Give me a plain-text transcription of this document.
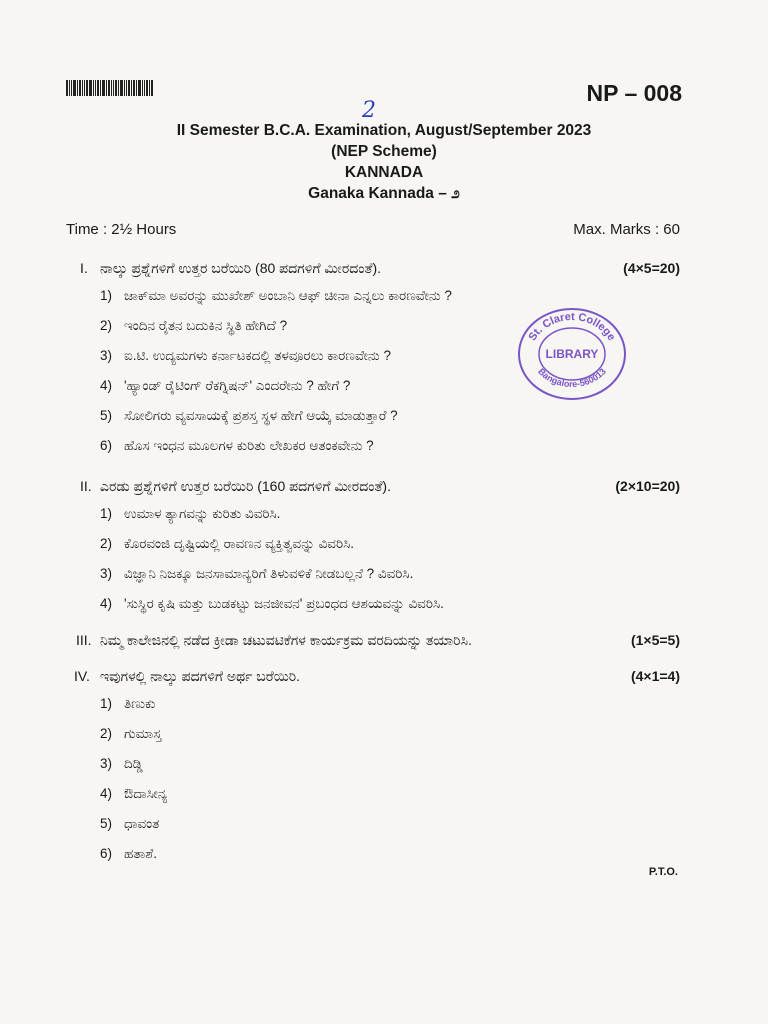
NP – 008
2
II Semester B.C.A. Examination, August/September 2023
(NEP Scheme)
KANNADA
Ganaka Kannada – ೨
Time : 2½ Hours	Max. Marks : 60
I. ನಾಲ್ಕು ಪ್ರಶ್ನೆಗಳಿಗೆ ಉತ್ತರ ಬರೆಯಿರಿ (80 ಪದಗಳಿಗೆ ಮೀರದಂತೆ).	(4×5=20)
1) ಜಾಕ್‌ಮಾ ಅವರನ್ನು ಮುಖೇಶ್ ಅಂಬಾನಿ ಆಫ್ ಚೀನಾ ಎನ್ನಲು ಕಾರಣವೇನು ?
2) ಇಂದಿನ ರೈತನ ಬದುಕಿನ ಸ್ಥಿತಿ ಹೇಗಿದೆ ?
3) ಐ.ಟಿ. ಉದ್ಯಮಗಳು ಕರ್ನಾಟಕದಲ್ಲಿ ತಳವೂರಲು ಕಾರಣವೇನು ?
4) 'ಹ್ಯಾಂಡ್ ರೈಟಿಂಗ್ ರೆಕಗ್ನಿಷನ್' ಎಂದರೇನು ? ಹೇಗೆ ?
5) ಸೋಲಿಗರು ವ್ಯವಸಾಯಕ್ಕೆ ಪ್ರಶಸ್ತ ಸ್ಥಳ ಹೇಗೆ ಆಯ್ಕೆ ಮಾಡುತ್ತಾರೆ ?
6) ಹೊಸ ಇಂಧನ ಮೂಲಗಳ ಕುರಿತು ಲೇಖಕರ ಆತಂಕವೇನು ?
II. ಎರಡು ಪ್ರಶ್ನೆಗಳಿಗೆ ಉತ್ತರ ಬರೆಯಿರಿ (160 ಪದಗಳಿಗೆ ಮೀರದಂತೆ).	(2×10=20)
1) ಉಮಾಳ ತ್ಯಾಗವನ್ನು ಕುರಿತು ವಿವರಿಸಿ.
2) ಕೊರವಂಜಿ ದೃಷ್ಟಿಯಲ್ಲಿ ರಾವಣನ ವ್ಯಕ್ತಿತ್ವವನ್ನು ವಿವರಿಸಿ.
3) ವಿಜ್ಞಾನಿ ನಿಜಕ್ಕೂ ಜನಸಾಮಾನ್ಯರಿಗೆ ತಿಳುವಳಿಕೆ ನೀಡಬಲ್ಲನೆ ? ವಿವರಿಸಿ.
4) 'ಸುಸ್ಥಿರ ಕೃಷಿ ಮತ್ತು ಬುಡಕಟ್ಟು ಜನಜೀವನ' ಪ್ರಬಂಧದ ಆಶಯವನ್ನು ವಿವರಿಸಿ.
III. ನಿಮ್ಮ ಕಾಲೇಜಿನಲ್ಲಿ ನಡೆದ ಕ್ರೀಡಾ ಚಟುವಟಿಕೆಗಳ ಕಾರ್ಯಕ್ರಮ ವರದಿಯನ್ನು ತಯಾರಿಸಿ.	(1×5=5)
IV. ಇವುಗಳಲ್ಲಿ ನಾಲ್ಕು ಪದಗಳಿಗೆ ಅರ್ಥ ಬರೆಯಿರಿ.	(4×1=4)
1) ತಿಣುಕು
2) ಗುಮಾಸ್ತ
3) ದಿಡ್ಡಿ
4) ಔದಾಸೀನ್ಯ
5) ಧಾವಂತ
6) ಹತಾಶೆ.
St. Claret College
LIBRARY
Bangalore-560013
P.T.O.
